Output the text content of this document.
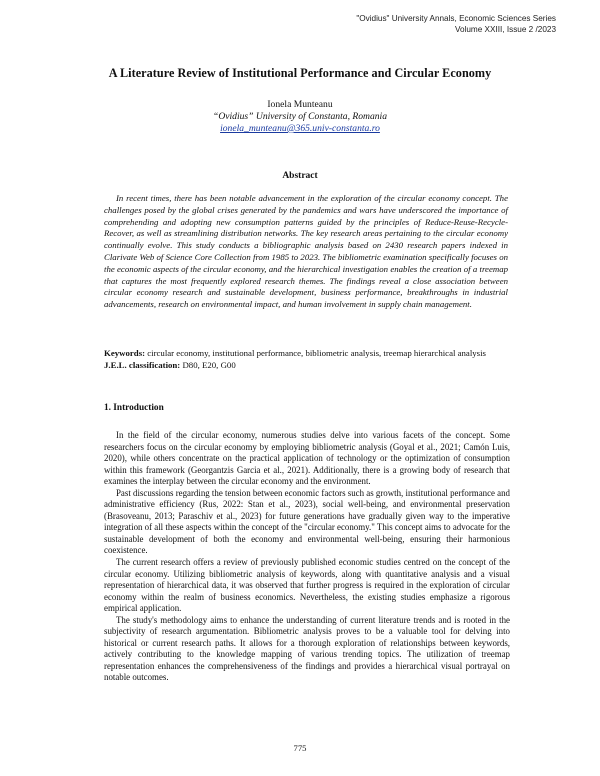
"Ovidius" University Annals, Economic Sciences Series
Volume XXIII, Issue 2 /2023
A Literature Review of Institutional Performance and Circular Economy
Ionela Munteanu
“Ovidius” University of Constanta, Romania
ionela_munteanu@365.univ-constanta.ro
Abstract
In recent times, there has been notable advancement in the exploration of the circular economy concept. The challenges posed by the global crises generated by the pandemics and wars have underscored the importance of comprehending and adopting new consumption patterns guided by the principles of Reduce-Reuse-Recycle-Recover, as well as streamlining distribution networks. The key research areas pertaining to the circular economy continually evolve. This study conducts a bibliographic analysis based on 2430 research papers indexed in Clarivate Web of Science Core Collection from 1985 to 2023. The bibliometric examination specifically focuses on the economic aspects of the circular economy, and the hierarchical investigation enables the creation of a treemap that captures the most frequently explored research themes. The findings reveal a close association between circular economy research and sustainable development, business performance, breakthroughs in industrial advancements, research on environmental impact, and human involvement in supply chain management.
Keywords: circular economy, institutional performance, bibliometric analysis, treemap hierarchical analysis
J.E.L. classification: D80, E20, G00
1. Introduction

In the field of the circular economy, numerous studies delve into various facets of the concept. Some researchers focus on the circular economy by employing bibliometric analysis (Goyal et al., 2021; Camón Luis, 2020), while others concentrate on the practical application of technology or the optimization of consumption within this framework (Georgantzis Garcia et al., 2021). Additionally, there is a growing body of research that examines the interplay between the circular economy and the environment.

Past discussions regarding the tension between economic factors such as growth, institutional performance and administrative efficiency (Rus, 2022: Stan et al., 2023), social well-being, and environmental preservation (Brasoveanu, 2013; Paraschiv et al., 2023) for future generations have gradually given way to the imperative integration of all these aspects within the concept of the "circular economy." This concept aims to advocate for the sustainable development of both the economy and environmental well-being, ensuring their harmonious coexistence.

The current research offers a review of previously published economic studies centred on the concept of the circular economy. Utilizing bibliometric analysis of keywords, along with quantitative analysis and a visual representation of hierarchical data, it was observed that further progress is required in the exploration of circular economy within the realm of business economics. Nevertheless, the existing studies emphasize a rigorous empirical application.

The study's methodology aims to enhance the understanding of current literature trends and is rooted in the subjectivity of research argumentation. Bibliometric analysis proves to be a valuable tool for delving into historical or current research paths. It allows for a thorough exploration of relationships between keywords, actively contributing to the knowledge mapping of various trending topics. The utilization of treemap representation enhances the comprehensiveness of the findings and provides a hierarchical visual portrayal on notable outcomes.

775
